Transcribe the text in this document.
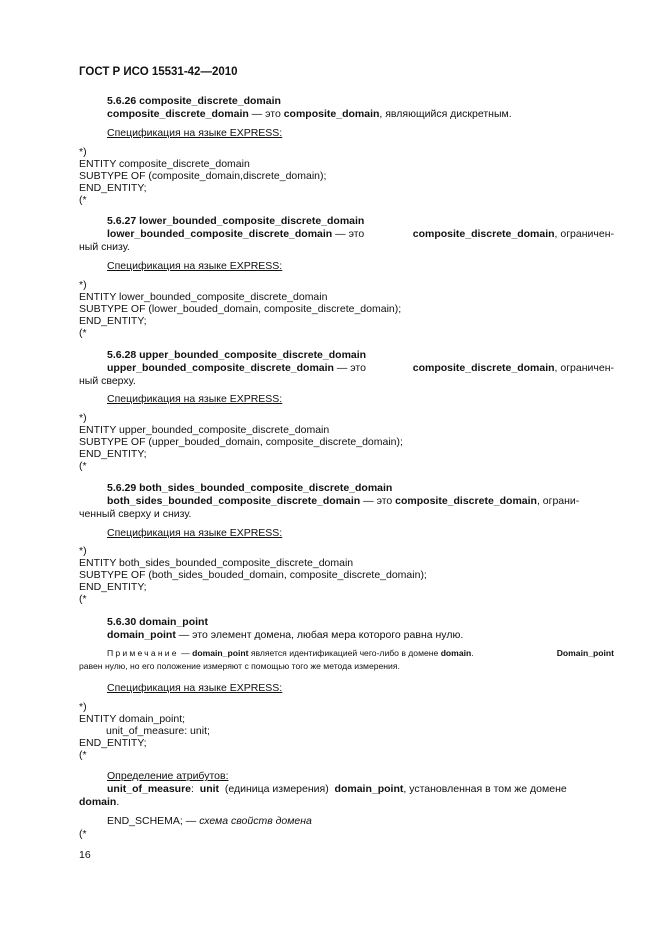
ГОСТ Р ИСО 15531-42—2010
5.6.26 composite_discrete_domain
composite_discrete_domain — это composite_domain, являющийся дискретным.
Спецификация на языке EXPRESS:
*)
ENTITY composite_discrete_domain
SUBTYPE OF (composite_domain,discrete_domain);
END_ENTITY;
(*
5.6.27 lower_bounded_composite_discrete_domain
lower_bounded_composite_discrete_domain — это	composite_discrete_domain, ограничен-
ный снизу.
Спецификация на языке EXPRESS:
*)
ENTITY lower_bounded_composite_discrete_domain
SUBTYPE OF (lower_bouded_domain, composite_discrete_domain);
END_ENTITY;
(*
5.6.28 upper_bounded_composite_discrete_domain
upper_bounded_composite_discrete_domain — это	composite_discrete_domain, ограничен-
ный сверху.
Спецификация на языке EXPRESS:
*)
ENTITY upper_bounded_composite_discrete_domain
SUBTYPE OF (upper_bouded_domain, composite_discrete_domain);
END_ENTITY;
(*
5.6.29 both_sides_bounded_composite_discrete_domain
both_sides_bounded_composite_discrete_domain — это composite_discrete_domain, ограни-
ченный сверху и снизу.
Спецификация на языке EXPRESS:
*)
ENTITY both_sides_bounded_composite_discrete_domain
SUBTYPE OF (both_sides_bouded_domain, composite_discrete_domain);
END_ENTITY;
(*
5.6.30 domain_point
domain_point — это элемент домена, любая мера которого равна нулю.
Примечание — domain_point является идентификацией чего-либо в домене domain.	Domain_point
равен нулю, но его положение измеряют с помощью того же метода измерения.
Спецификация на языке EXPRESS:
*)
ENTITY domain_point;
unit_of_measure: unit;
END_ENTITY;
(*
Определение атрибутов:
unit_of_measure: unit (единица измерения) domain_point, установленная в том же домене
domain.
END_SCHEMA; — схема свойств домена
(*
16
